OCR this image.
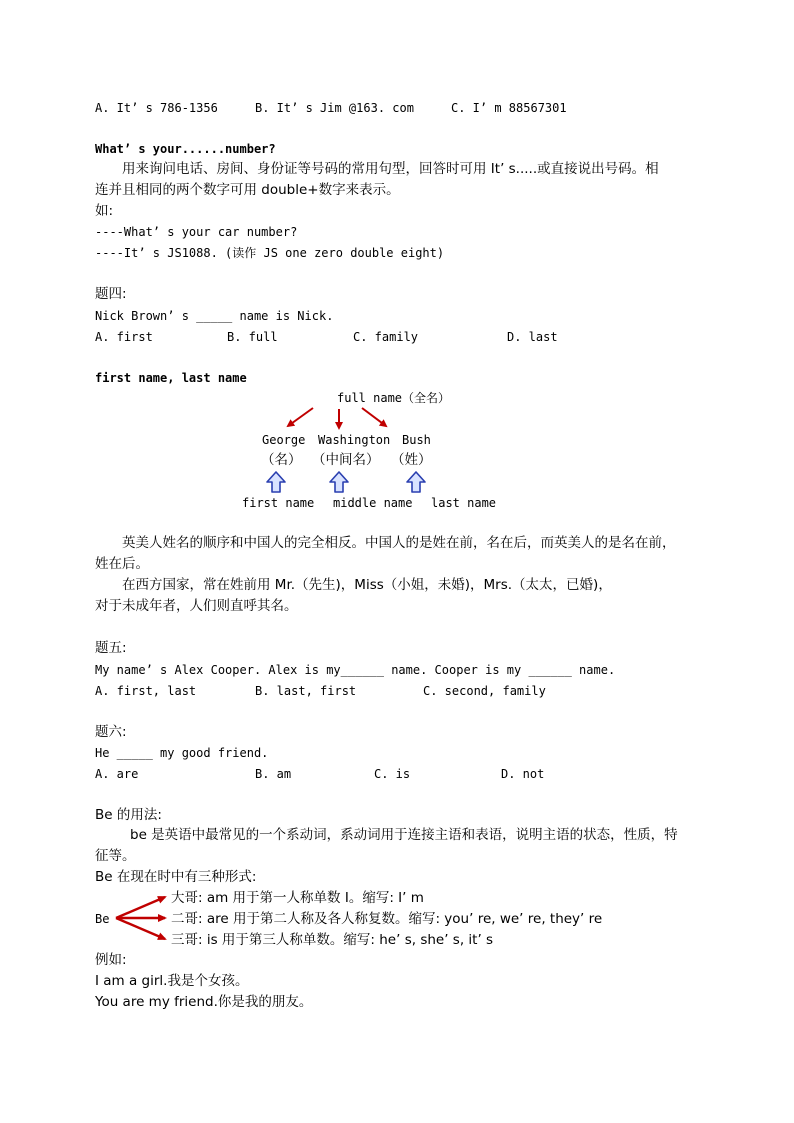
A. It’ s 786-1356	B. It’ s Jim @163. com	C. I’ m 88567301
What’ s your......number?
用来询问电话、房间、身份证等号码的常用句型，回答时可用 It’ s.....或直接说出号码。相
连并且相同的两个数字可用 double+数字来表示。
如:
----What’ s your car number?
----It’ s JS1088. (读作 JS one zero double eight)
题四:
Nick Brown’ s _____ name is Nick.
A. first	B. full	C. family	D. last
first name, last name
full name（全名）
George Washington Bush
（名） （中间名） （姓）
first name middle name last name
英美人姓名的顺序和中国人的完全相反。中国人的是姓在前，名在后，而英美人的是名在前，
姓在后。
在西方国家，常在姓前用 Mr.（先生)，Miss（小姐，未婚)，Mrs.（太太，已婚)，
对于未成年者，人们则直呼其名。
题五:
My name’ s Alex Cooper. Alex is my______ name. Cooper is my ______ name.
A. first, last	B. last, first	C. second, family
题六:
He _____ my good friend.
A. are	B. am	C. is	D. not
Be 的用法:
be 是英语中最常见的一个系动词，系动词用于连接主语和表语，说明主语的状态，性质，特
征等。
Be 在现在时中有三种形式:
Be
大哥: am 用于第一人称单数 I。缩写: I’ m
二哥: are 用于第二人称及各人称复数。缩写: you’ re, we’ re, they’ re
三哥: is 用于第三人称单数。缩写: he’ s, she’ s, it’ s
例如:
I am a girl.我是个女孩。
You are my friend.你是我的朋友。
